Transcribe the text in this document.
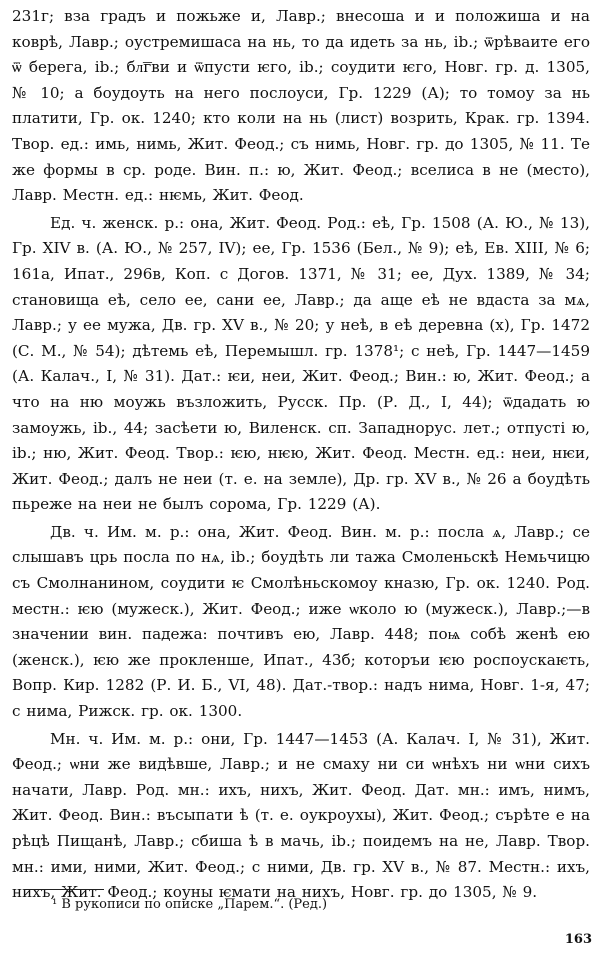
231г; вза градъ и пожьже и, Лавр.; внесоша и и положиша и на коврѣ, Лавр.; оустремишаса на нь, то да идеть за нь, ib.; ѿрѣваите его ѿ берега, ib.; бл͞гви и ѿпусти ѥго, ib.; соудити ѥго, Новг. гр. д. 1305, № 10; а боудоуть на него послоуси, Гр. 1229 (А); то томоу за нь платити, Гр. ок. 1240; кто коли на нь (лист) возрить, Крак. гр. 1394. Твор. ед.: имь, нимь, Жит. Феод.; съ нимь, Новг. гр. до 1305, № 11. Те же формы в ср. роде. Вин. п.: ю, Жит. Феод.; вселиса в не (место), Лавр. Местн. ед.: нѥмь, Жит. Феод.

Ед. ч. женск. р.: она, Жит. Феод. Род.: еѣ, Гр. 1508 (А. Ю., № 13), Гр. XIV в. (А. Ю., № 257, IV); ее, Гр. 1536 (Бел., № 9); еѣ, Ев. XIII, № 6; 161а, Ипат., 296в, Коп. с Догов. 1371, № 31; ее, Дух. 1389, № 34; становища еѣ, село ее, сани ее, Лавр.; да аще еѣ не вдаста за мѧ, Лавр.; у ее мужа, Дв. гр. XV в., № 20; у неѣ, в еѣ деревна (х), Гр. 1472 (С. М., № 54); дѣтемь еѣ, Перемышл. гр. 1378¹; с неѣ, Гр. 1447—1459 (А. Калач., I, № 31). Дат.: ѥи, неи, Жит. Феод.; Вин.: ю, Жит. Феод.; а что на ню моужь възложить, Русск. Пр. (Р. Д., I, 44); ѿдадать ю замоужь, ib., 44; засѣети ю, Виленск. сп. Западнорус. лет.; отпусті ю, ib.; ню, Жит. Феод. Твор.: ѥю, нѥю, Жит. Феод. Местн. ед.: неи, нѥи, Жит. Феод.; далъ не неи (т. е. на земле), Др. гр. XV в., № 26 а боудѣть пьреже на неи не былъ сорома, Гр. 1229 (А).

Дв. ч. Им. м. р.: она, Жит. Феод. Вин. м. р.: посла ѧ, Лавр.; се слышавъ црь посла по нѧ, ib.; боудѣть ли тажа Смоленьскѣ Немьчицю съ Смолнанином, соудити ѥ Смолѣньскомоу кназю, Гр. ок. 1240. Род. местн.: ѥю (мужеск.), Жит. Феод.; иже ѡколо ю (мужеск.), Лавр.;—в значении вин. падежа: почтивъ ею, Лавр. 448; поѩ собѣ женѣ ею (женск.), ѥю же прокленше, Ипат., 43б; которъи ѥю роспоускаѥть, Вопр. Кир. 1282 (Р. И. Б., VI, 48). Дат.-твор.: надъ нима, Новг. 1-я, 47; с нима, Рижск. гр. ок. 1300.

Мн. ч. Им. м. р.: они, Гр. 1447—1453 (А. Калач. I, № 31), Жит. Феод.; ѡни же видѣвше, Лавр.; и не смаху ни си ѡнѣхъ ни ѡни сихъ начати, Лавр. Род. мн.: ихъ, нихъ, Жит. Феод. Дат. мн.: имъ, нимъ, Жит. Феод. Вин.: въсыпати ѣ (т. е. оукроухы), Жит. Феод.; сърѣте е на рѣцѣ Пищанѣ, Лавр.; сбиша ѣ в мачь, ib.; поидемъ на не, Лавр. Твор. мн.: ими, ними, Жит. Феод.; с ними, Дв. гр. XV в., № 87. Местн.: ихъ, нихъ, Жит. Феод.; коуны ѥмати на нихъ, Новг. гр. до 1305, № 9.

¹ В рукописи по описке „Парем.“. (Ред.)
163
